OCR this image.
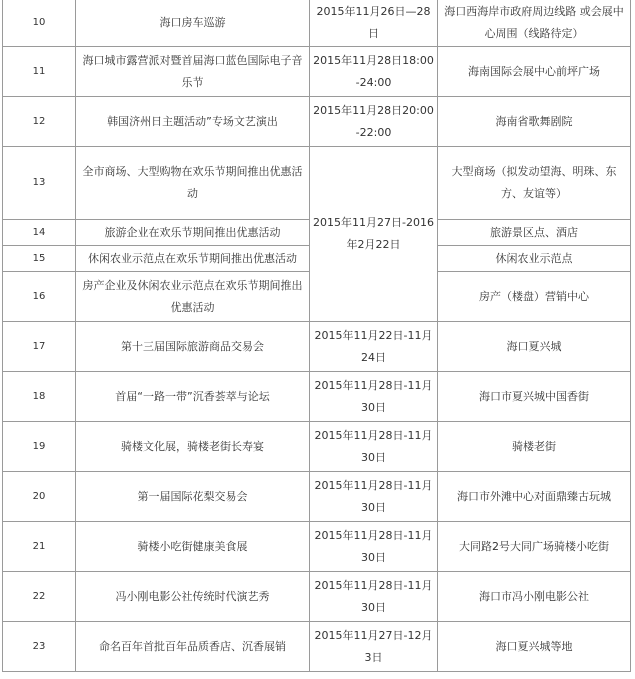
10	海口房车巡游	2015年11月26日—28日	海口西海岸市政府周边线路 或会展中心周围（线路待定）
11	海口城市露营派对暨首届海口蓝色国际电子音乐节	2015年11月28日18:00-24:00	海南国际会展中心前坪广场
12	韩国济州日主题活动”专场文艺演出	2015年11月28日20:00-22:00	海南省歌舞剧院
13	全市商场、大型购物在欢乐节期间推出优惠活动	2015年11月27日-2016年2月22日	大型商场（拟发动望海、明珠、东方、友谊等）
14	旅游企业在欢乐节期间推出优惠活动		旅游景区点、酒店
15	休闲农业示范点在欢乐节期间推出优惠活动		休闲农业示范点
16	房产企业及休闲农业示范点在欢乐节期间推出优惠活动		房产（楼盘）营销中心
17	第十三届国际旅游商品交易会	2015年11月22日-11月24日	海口夏兴城
18	首届“一路一带”沉香荟萃与论坛	2015年11月28日-11月30日	海口市夏兴城中国香街
19	骑楼文化展，骑楼老街长寿宴	2015年11月28日-11月30日	骑楼老街
20	第一届国际花梨交易会	2015年11月28日-11月30日	海口市外滩中心对面鼎臻古玩城
21	骑楼小吃街健康美食展	2015年11月28日-11月30日	大同路2号大同广场骑楼小吃街
22	冯小刚电影公社传统时代演艺秀	2015年11月28日-11月30日	海口市冯小刚电影公社
23	命名百年首批百年品质香店、沉香展销	2015年11月27日-12月3日	海口夏兴城等地
